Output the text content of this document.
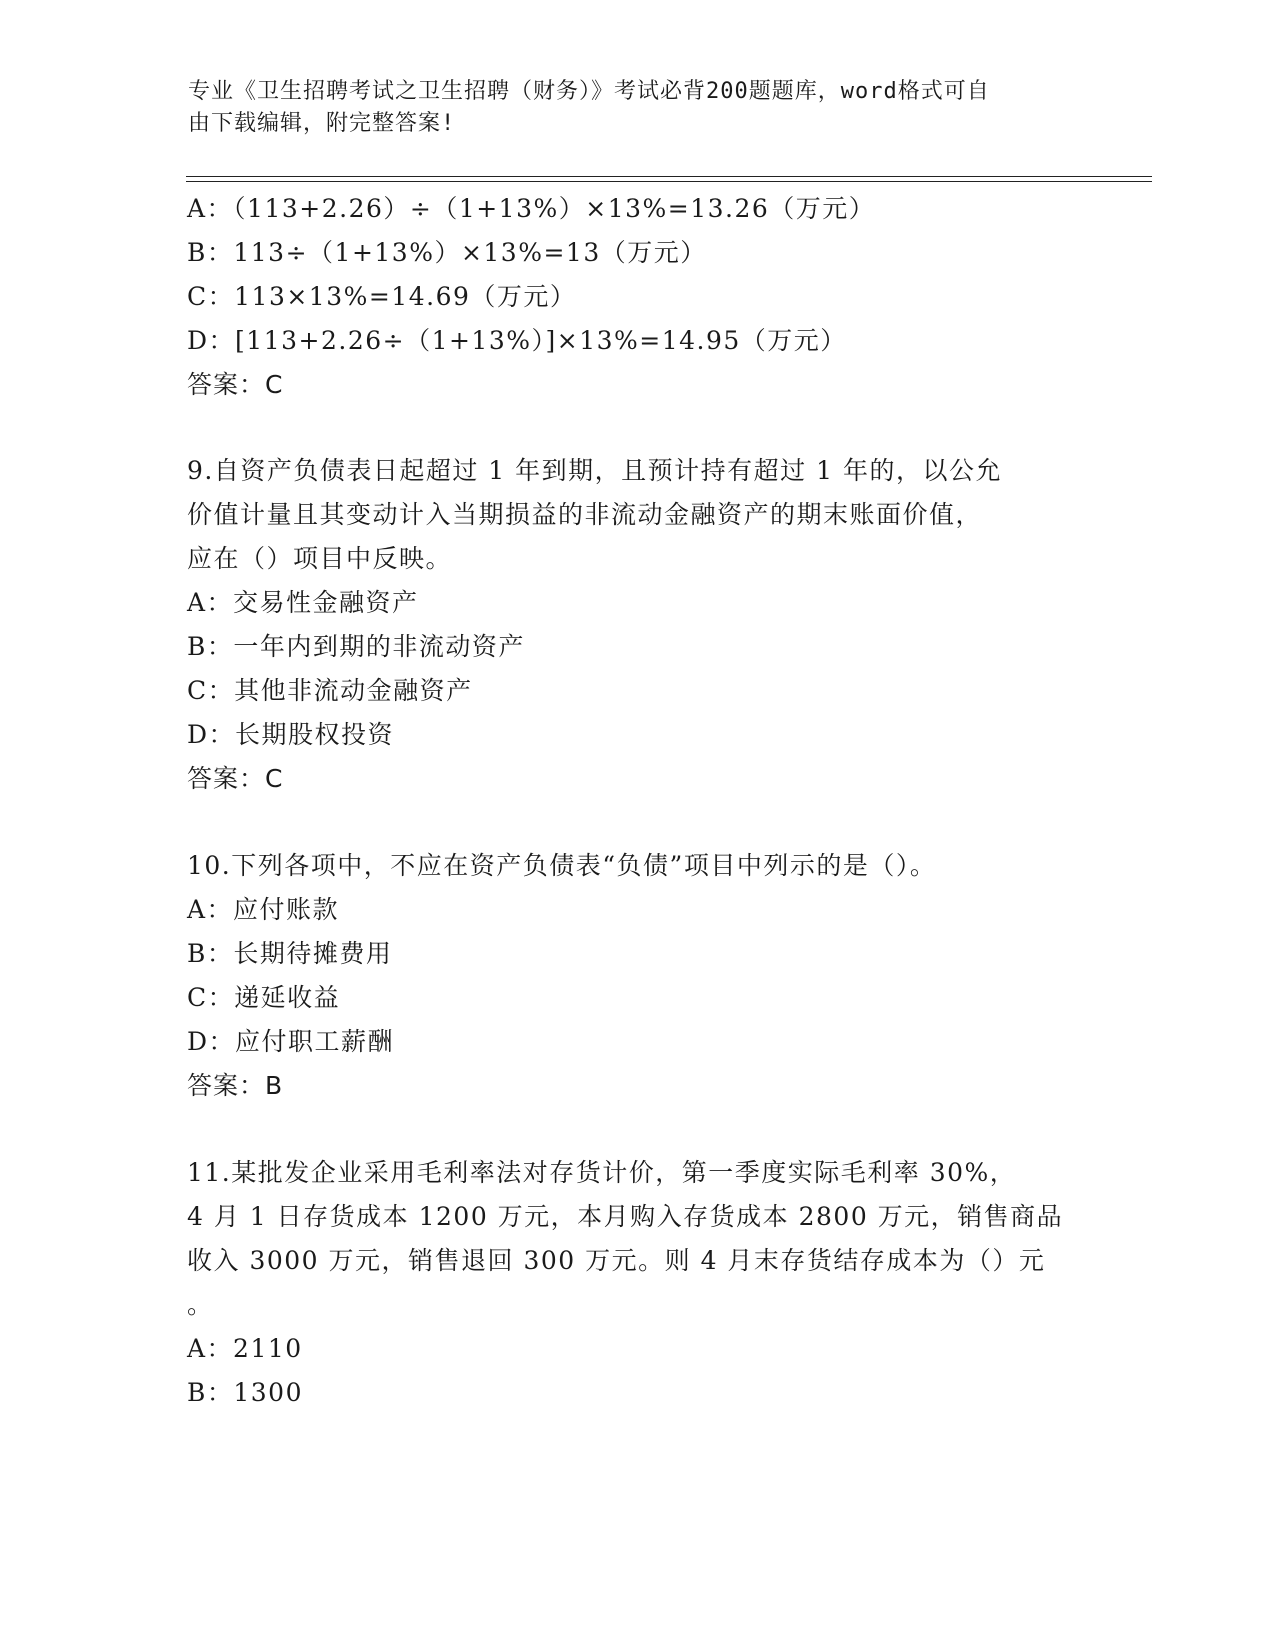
专业《卫生招聘考试之卫生招聘（财务）》考试必背200题题库，word格式可自
由下载编辑，附完整答案!
A：（113+2.26）÷（1+13%）×13%=13.26（万元）
B：113÷（1+13%）×13%=13（万元）
C：113×13%=14.69（万元）
D：[113+2.26÷（1+13%）]×13%=14.95（万元）
答案：C
9.自资产负债表日起超过 1 年到期，且预计持有超过 1 年的，以公允
价值计量且其变动计入当期损益的非流动金融资产的期末账面价值，
应在（）项目中反映。
A：交易性金融资产
B：一年内到期的非流动资产
C：其他非流动金融资产
D：长期股权投资
答案：C
10.下列各项中，不应在资产负债表“负债”项目中列示的是（）。
A：应付账款
B：长期待摊费用
C：递延收益
D：应付职工薪酬
答案：B
11.某批发企业采用毛利率法对存货计价，第一季度实际毛利率 30%，
4 月 1 日存货成本 1200 万元，本月购入存货成本 2800 万元，销售商品
收入 3000 万元，销售退回 300 万元。则 4 月末存货结存成本为（）元
。
A：2110
B：1300
